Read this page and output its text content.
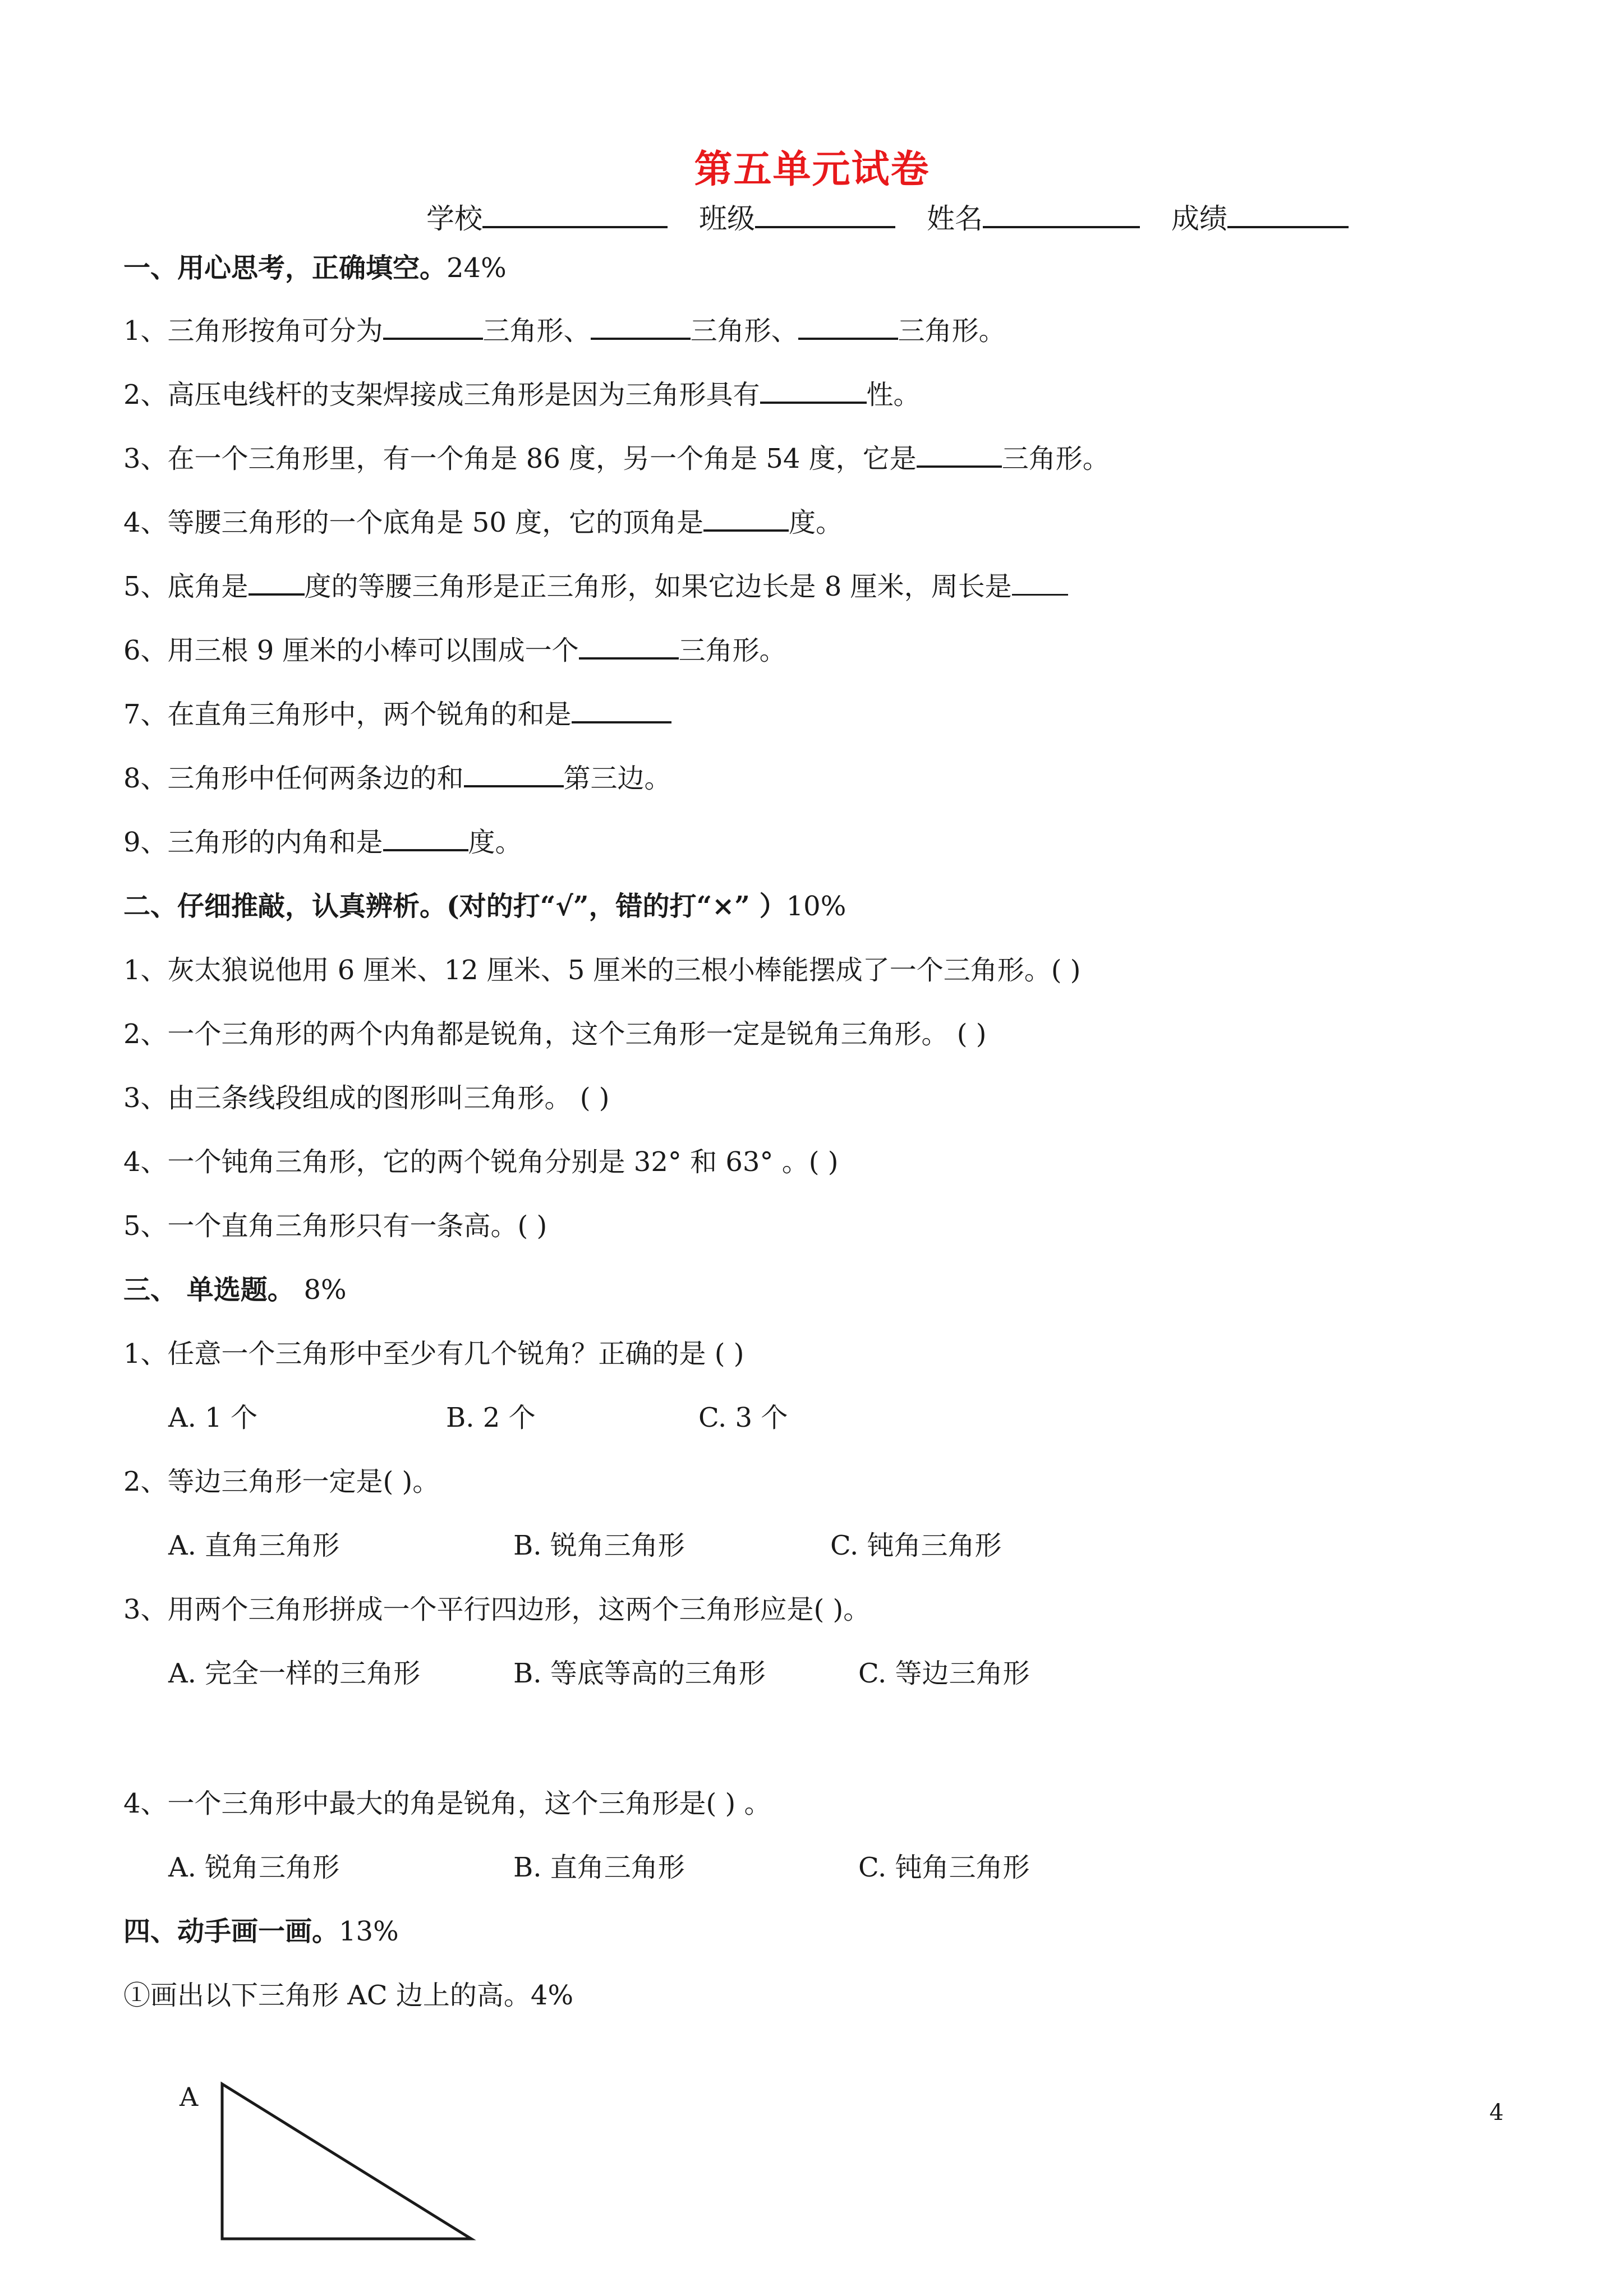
第五单元试卷
学校	班级	姓名	成绩
一、用心思考，正确填空。24%
1、三角形按角可分为	三角形、	三角形、	三角形。
2、高压电线杆的支架焊接成三角形是因为三角形具有	性。
3、在一个三角形里，有一个角是 86 度，另一个角是 54 度，它是	三角形。
4、等腰三角形的一个底角是 50 度，它的顶角是	度。
5、底角是 度的等腰三角形是正三角形，如果它边长是 8 厘米，周长是
6、用三根 9 厘米的小棒可以围成一个	三角形。
7、在直角三角形中，两个锐角的和是
8、三角形中任何两条边的和	第三边。
9、三角形的内角和是	度。
二、仔细推敲，认真辨析。(对的打“√”，错的打“×” ）10%
1、灰太狼说他用 6 厘米、12 厘米、5 厘米的三根小棒能摆成了一个三角形。( )
2、一个三角形的两个内角都是锐角，这个三角形一定是锐角三角形。 ( )
3、由三条线段组成的图形叫三角形。 ( )
4、一个钝角三角形，它的两个锐角分别是 32° 和 63° 。( )
5、一个直角三角形只有一条高。( )
三、 单选题。 8%
1、任意一个三角形中至少有几个锐角？正确的是 ( )
A. 1 个	B. 2 个	C. 3 个
2、等边三角形一定是( )。
A. 直角三角形	B. 锐角三角形	C. 钝角三角形
3、用两个三角形拼成一个平行四边形，这两个三角形应是( )。
A. 完全一样的三角形	B. 等底等高的三角形	C. 等边三角形
4、一个三角形中最大的角是锐角，这个三角形是( ) 。
A. 锐角三角形	B. 直角三角形	C. 钝角三角形
四、动手画一画。13%
①画出以下三角形 AC 边上的高。4%
A
4
